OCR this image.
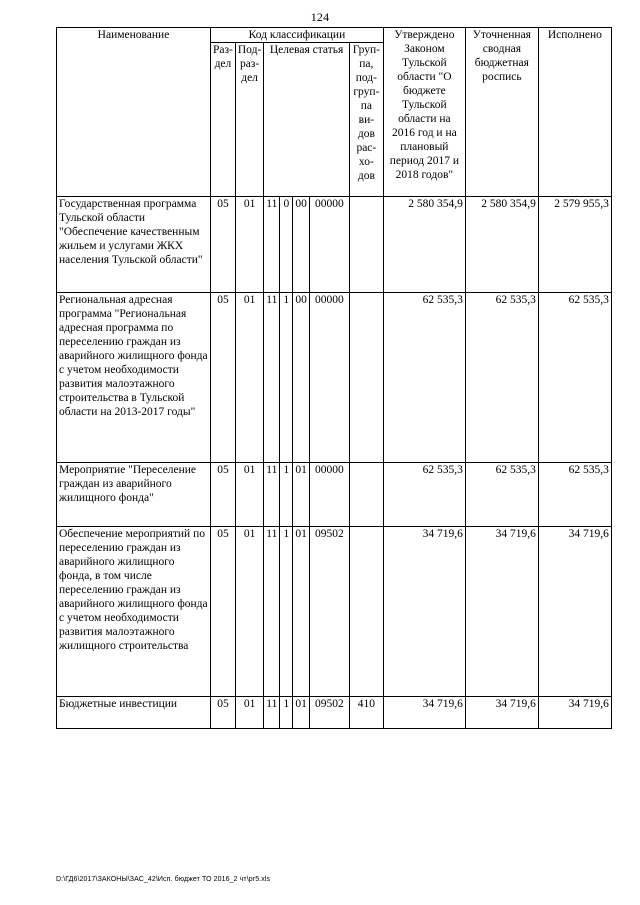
124
Наименование	Код классификации							Утверждено Законом Тульской области "О бюджете Тульской области на 2016 год и на плановый период 2017 и 2018 годов"	Уточненная сводная бюджетная роспись	Исполнено
	Раз-дел	Под-раз-дел	Целевая статья				Груп-па, под-груп-па ви-дов рас-хо-дов			
Государственная программа Тульской области "Обеспечение качественным жильем и услугами ЖКХ населения Тульской области"	05	01	11	0	00	00000		2 580 354,9	2 580 354,9	2 579 955,3
Региональная адресная программа "Региональная адресная программа по переселению граждан из аварийного жилищного фонда с учетом необходимости развития малоэтажного строительства в Тульской области на 2013-2017 годы"	05	01	11	1	00	00000		62 535,3	62 535,3	62 535,3
Мероприятие "Переселение граждан из аварийного жилищного фонда"	05	01	11	1	01	00000		62 535,3	62 535,3	62 535,3
Обеспечение мероприятий по переселению граждан из аварийного жилищного фонда, в том числе переселению граждан из аварийного жилищного фонда с учетом необходимости развития малоэтажного жилищного строительства	05	01	11	1	01	09502		34 719,6	34 719,6	34 719,6
Бюджетные инвестиции	05	01	11	1	01	09502	410	34 719,6	34 719,6	34 719,6
D:\ГД6\2017\ЗАКОНЫ\ЗАС_42\Исп. бюджет ТО 2016_2 чт\pr5.xls
